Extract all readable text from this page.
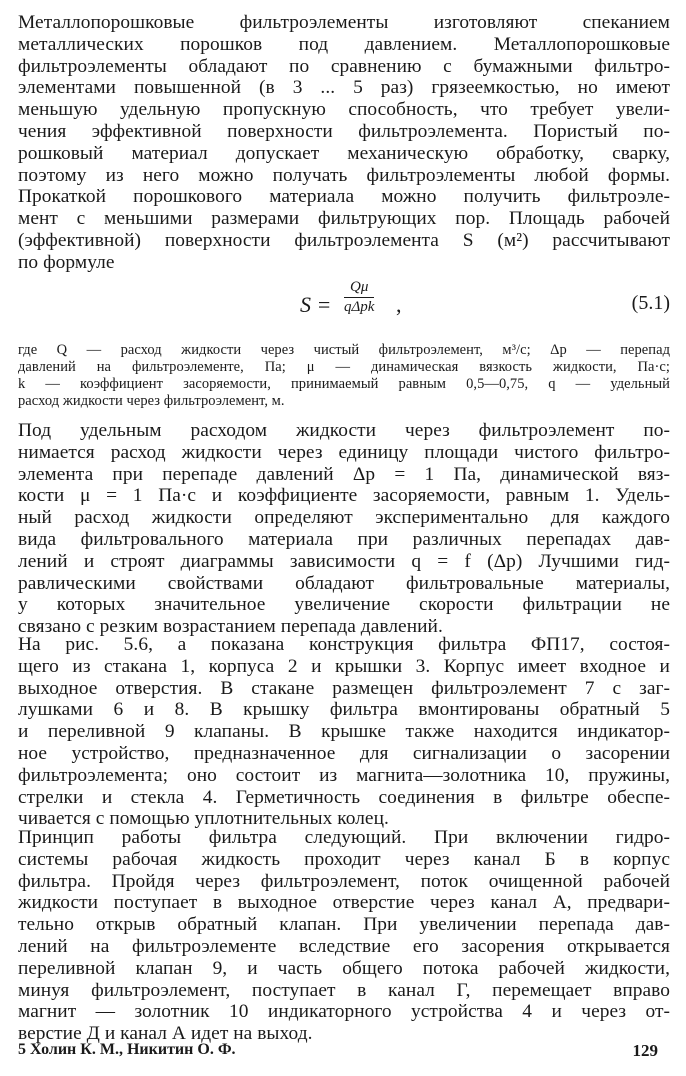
Металлопорошковые фильтроэлементы изготовляют спеканием
металлических порошков под давлением. Металлопорошковые
фильтроэлементы обладают по сравнению с бумажными фильтро-
элементами повышенной (в 3 ... 5 раз) грязеемкостью, но имеют
меньшую удельную пропускную способность, что требует увели-
чения эффективной поверхности фильтроэлемента. Пористый по-
рошковый материал допускает механическую обработку, сварку,
поэтому из него можно получать фильтроэлементы любой формы.
Прокаткой порошкового материала можно получить фильтроэле-
мент с меньшими размерами фильтрующих пор. Площадь рабочей
(эффективной) поверхности фильтроэлемента S (м²) рассчитывают
по формуле
S =
Qμ
qΔpk ,	(5.1)
где Q — расход жидкости через чистый фильтроэлемент, м³/с; Δp — перепад
давлений на фильтроэлементе, Па; μ — динамическая вязкость жидкости, Па·с;
k — коэффициент засоряемости, принимаемый равным 0,5—0,75, q — удельный
расход жидкости через фильтроэлемент, м.
Под удельным расходом жидкости через фильтроэлемент по-
нимается расход жидкости через единицу площади чистого фильтро-
элемента при перепаде давлений Δp = 1 Па, динамической вяз-
кости μ = 1 Па·с и коэффициенте засоряемости, равным 1. Удель-
ный расход жидкости определяют экспериментально для каждого
вида фильтровального материала при различных перепадах дав-
лений и строят диаграммы зависимости q = f (Δp) Лучшими гид-
равлическими свойствами обладают фильтровальные материалы,
у которых значительное увеличение скорости фильтрации не
связано с резким возрастанием перепада давлений.
На рис. 5.6, а показана конструкция фильтра ФП17, состоя-
щего из стакана 1, корпуса 2 и крышки 3. Корпус имеет входное и
выходное отверстия. В стакане размещен фильтроэлемент 7 с заг-
лушками 6 и 8. В крышку фильтра вмонтированы обратный 5
и переливной 9 клапаны. В крышке также находится индикатор-
ное устройство, предназначенное для сигнализации о засорении
фильтроэлемента; оно состоит из магнита—золотника 10, пружины,
стрелки и стекла 4. Герметичность соединения в фильтре обеспе-
чивается с помощью уплотнительных колец.
Принцип работы фильтра следующий. При включении гидро-
системы рабочая жидкость проходит через канал Б в корпус
фильтра. Пройдя через фильтроэлемент, поток очищенной рабочей
жидкости поступает в выходное отверстие через канал А, предвари-
тельно открыв обратный клапан. При увеличении перепада дав-
лений на фильтроэлементе вследствие его засорения открывается
переливной клапан 9, и часть общего потока рабочей жидкости,
минуя фильтроэлемент, поступает в канал Г, перемещает вправо
магнит — золотник 10 индикаторного устройства 4 и через от-
верстие Д и канал А идет на выход.
5 Холин К. М., Никитин О. Ф.	129
